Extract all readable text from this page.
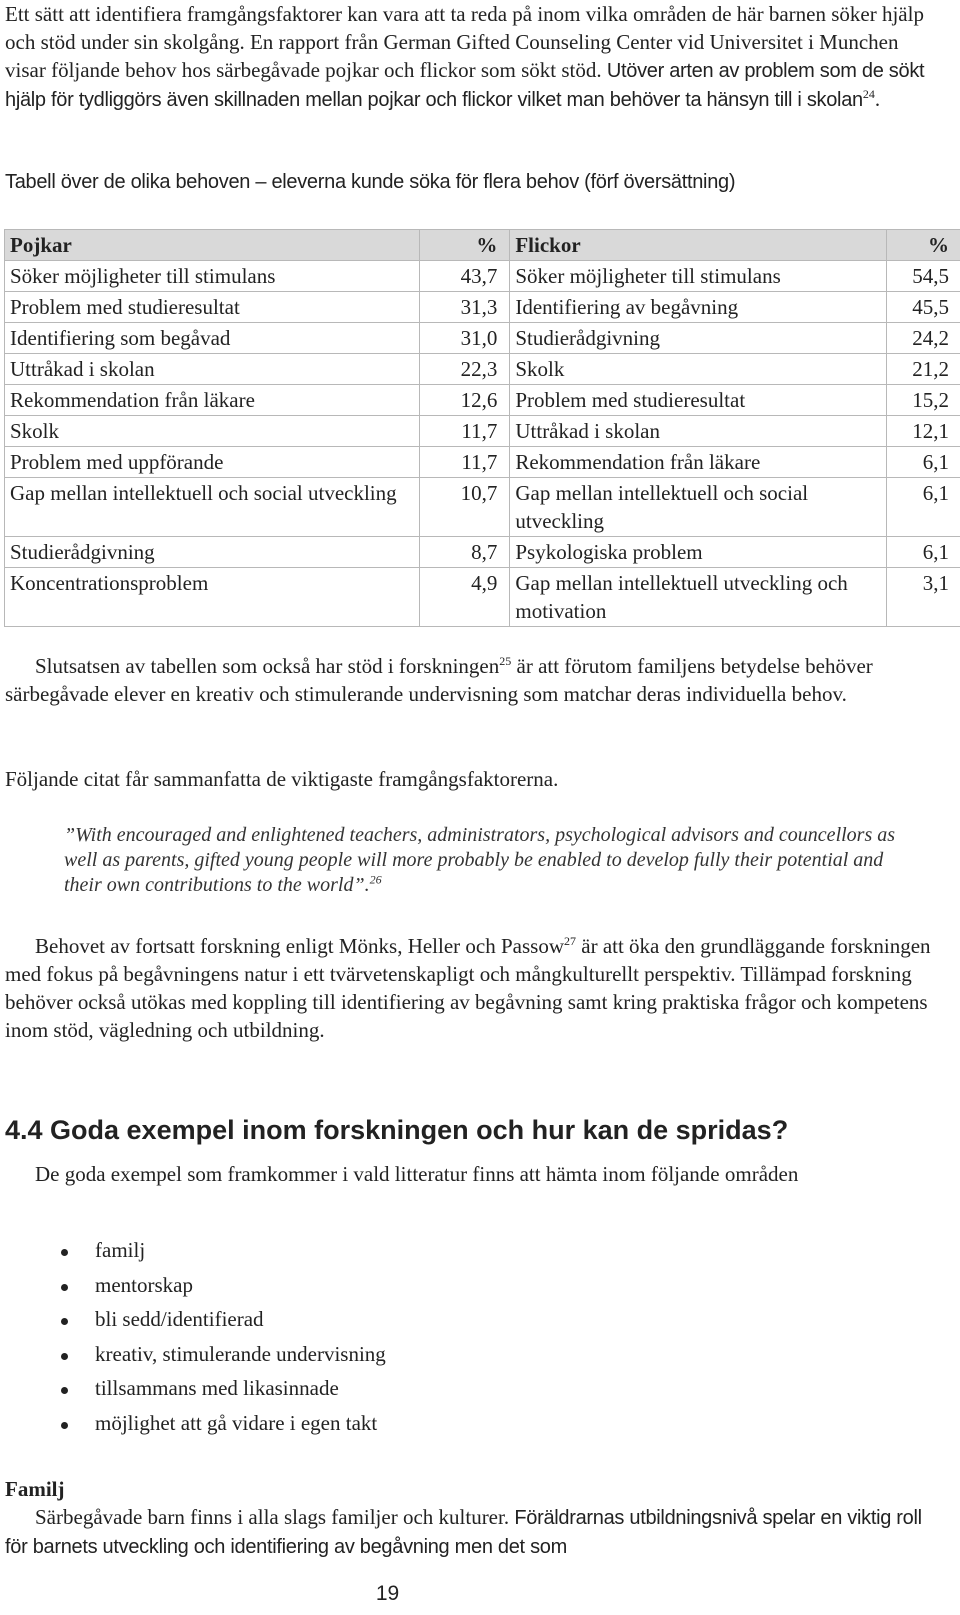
Ett sätt att identifiera framgångsfaktorer kan vara att ta reda på inom vilka områden de här barnen söker hjälp och stöd under sin skolgång. En rapport från German Gifted Counseling Center vid Universitet i Munchen visar följande behov hos särbegåvade pojkar och flickor som sökt stöd. Utöver arten av problem som de sökt hjälp för tydliggörs även skillnaden mellan pojkar och flickor vilket man behöver ta hänsyn till i skolan$^{24}$.

Tabell över de olika behoven – eleverna kunde söka för flera behov (förf översättning)

Pojkar	%	Flickor	%
Söker möjligheter till stimulans	43,7	Söker möjligheter till stimulans	54,5
Problem med studieresultat	31,3	Identifiering av begåvning	45,5
Identifiering som begåvad	31,0	Studierådgivning	24,2
Uttråkad i skolan	22,3	Skolk	21,2
Rekommendation från läkare	12,6	Problem med studieresultat	15,2
Skolk	11,7	Uttråkad i skolan	12,1
Problem med uppförande	11,7	Rekommendation från läkare	6,1
Gap mellan intellektuell och social utveckling	10,7	Gap mellan intellektuell och social utveckling	6,1
Studierådgivning	8,7	Psykologiska problem	6,1
Koncentrationsproblem	4,9	Gap mellan intellektuell utveckling och motivation	3,1

Slutsatsen av tabellen som också har stöd i forskningen$^{25}$ är att förutom familjens betydelse behöver särbegåvade elever en kreativ och stimulerande undervisning som matchar deras individuella behov.

Följande citat får sammanfatta de viktigaste framgångsfaktorerna.

”With encouraged and enlightened teachers, administrators, psychological advisors and councellors as well as parents, gifted young people will more probably be enabled to develop fully their potential and their own contributions to the world”.$^{26}$

Behovet av fortsatt forskning enligt Mönks, Heller och Passow$^{27}$ är att öka den grundläggande forskningen med fokus på begåvningens natur i ett tvärvetenskapligt och mångkulturellt perspektiv. Tillämpad forskning behöver också utökas med koppling till identifiering av begåvning samt kring praktiska frågor och kompetens inom stöd, vägledning och utbildning.

4.4 Goda exempel inom forskningen och hur kan de spridas?

De goda exempel som framkommer i vald litteratur finns att hämta inom följande områden

familj
mentorskap
bli sedd/identifierad
kreativ, stimulerande undervisning
tillsammans med likasinnade
möjlighet att gå vidare i egen takt

Familj

Särbegåvade barn finns i alla slags familjer och kulturer. Föräldrarnas utbildningsnivå spelar en viktig roll för barnets utveckling och identifiering av begåvning men det som

19
